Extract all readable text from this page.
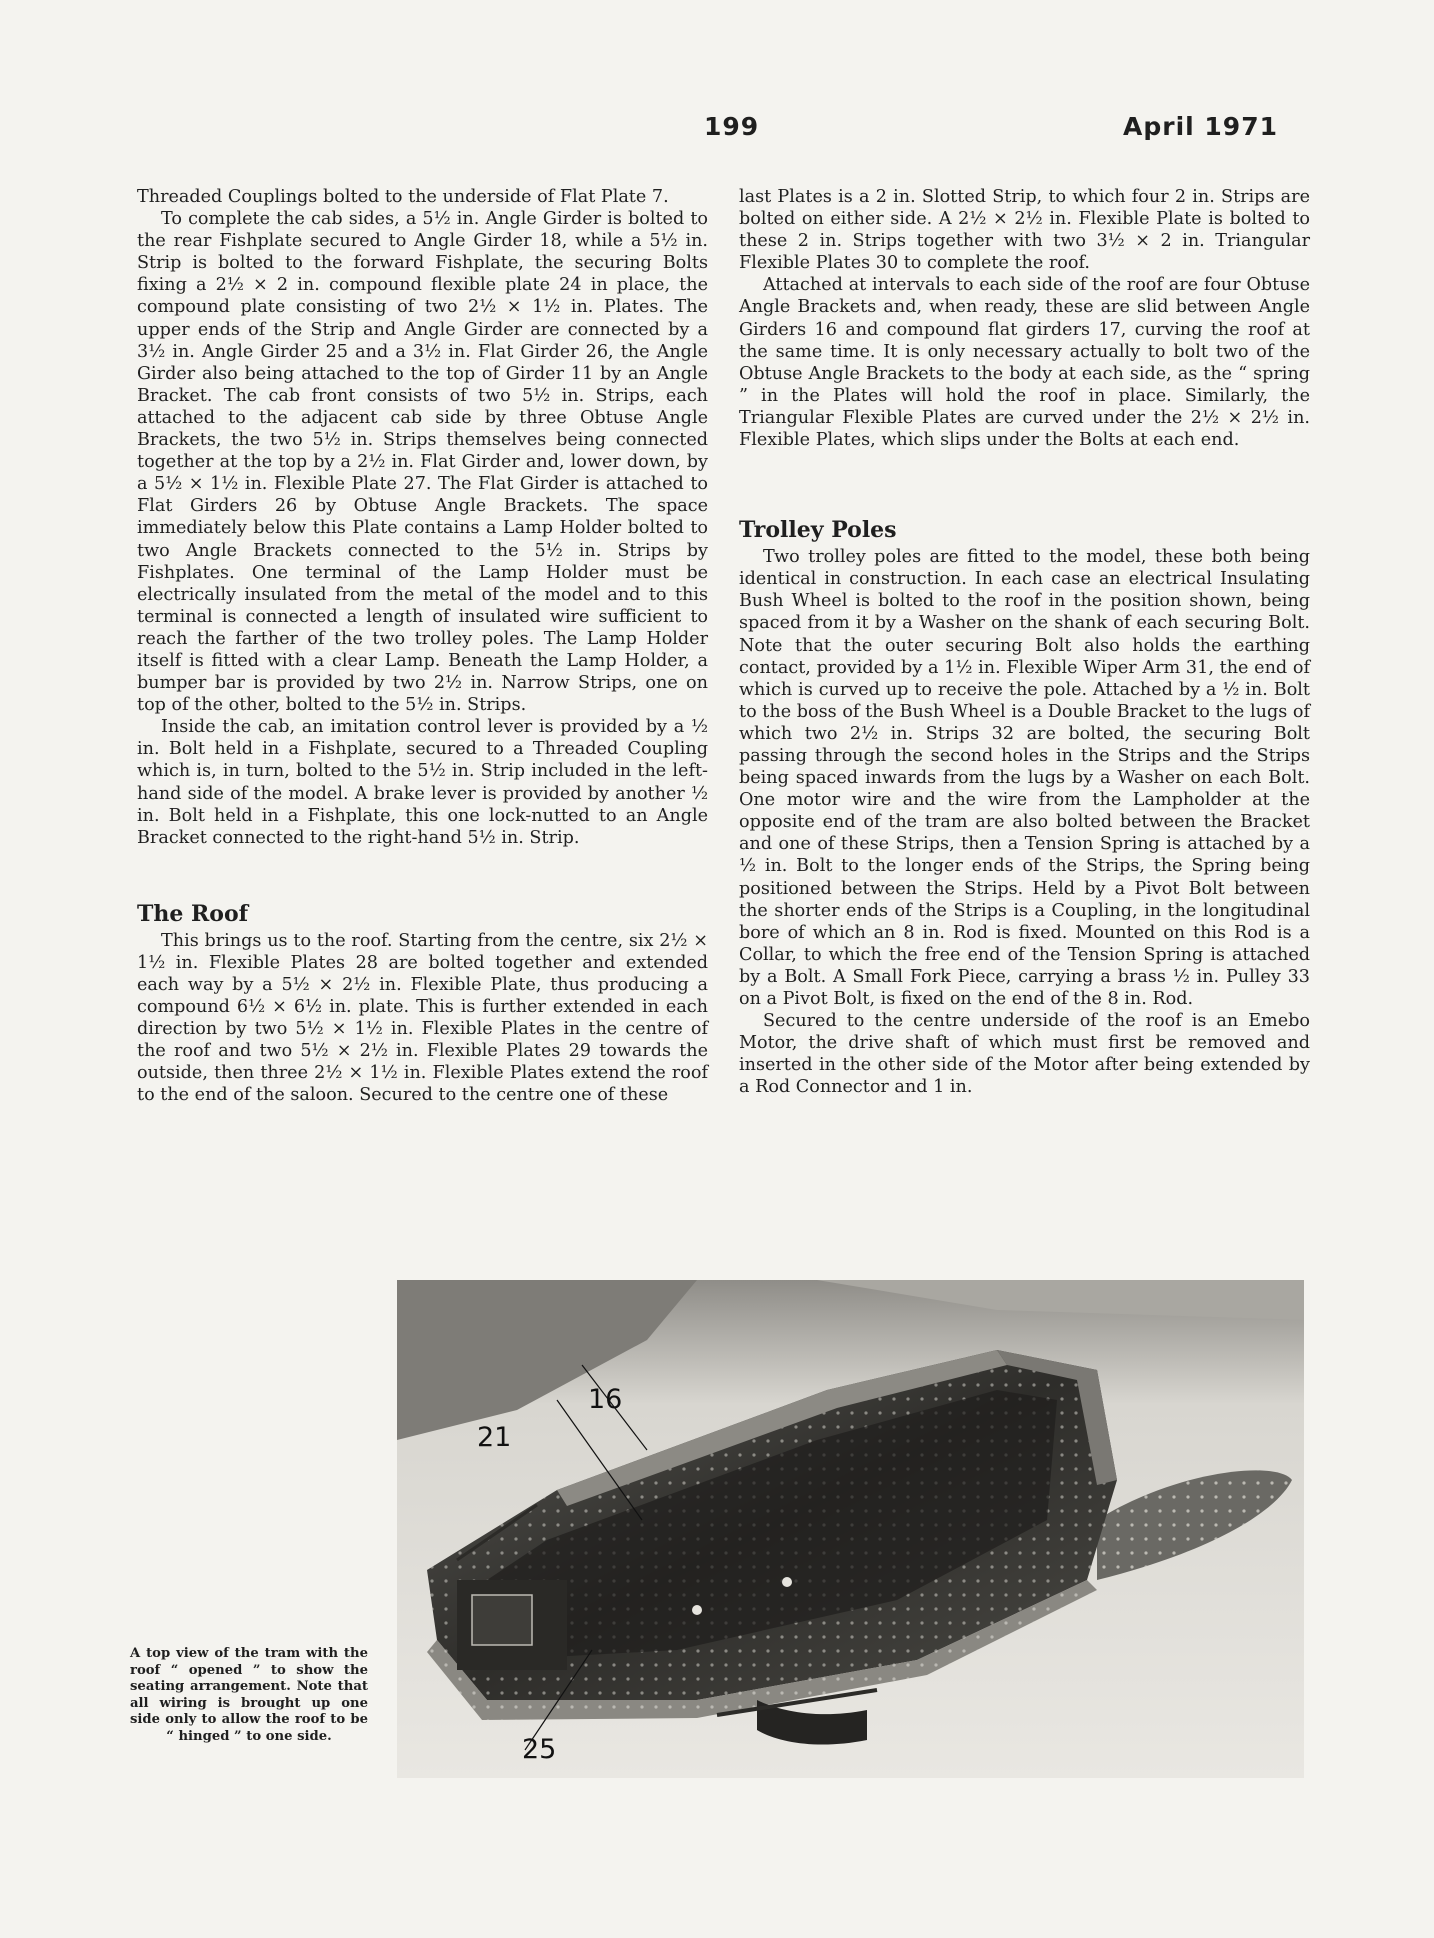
199	April 1971

Threaded Couplings bolted to the underside of Flat Plate 7.

To complete the cab sides, a 5½ in. Angle Girder is bolted to the rear Fishplate secured to Angle Girder 18, while a 5½ in. Strip is bolted to the forward Fishplate, the securing Bolts fixing a 2½ × 2 in. compound flexible plate 24 in place, the compound plate consisting of two 2½ × 1½ in. Plates. The upper ends of the Strip and Angle Girder are connected by a 3½ in. Angle Girder 25 and a 3½ in. Flat Girder 26, the Angle Girder also being attached to the top of Girder 11 by an Angle Bracket. The cab front consists of two 5½ in. Strips, each attached to the adjacent cab side by three Obtuse Angle Brackets, the two 5½ in. Strips themselves being connected together at the top by a 2½ in. Flat Girder and, lower down, by a 5½ × 1½ in. Flexible Plate 27. The Flat Girder is attached to Flat Girders 26 by Obtuse Angle Brackets. The space immediately below this Plate contains a Lamp Holder bolted to two Angle Brackets connected to the 5½ in. Strips by Fishplates. One terminal of the Lamp Holder must be electrically insulated from the metal of the model and to this terminal is connected a length of insulated wire sufficient to reach the farther of the two trolley poles. The Lamp Holder itself is fitted with a clear Lamp. Beneath the Lamp Holder, a bumper bar is provided by two 2½ in. Narrow Strips, one on top of the other, bolted to the 5½ in. Strips.

Inside the cab, an imitation control lever is provided by a ½ in. Bolt held in a Fishplate, secured to a Threaded Coupling which is, in turn, bolted to the 5½ in. Strip included in the left-hand side of the model. A brake lever is provided by another ½ in. Bolt held in a Fishplate, this one lock-nutted to an Angle Bracket connected to the right-hand 5½ in. Strip.

The Roof

This brings us to the roof. Starting from the centre, six 2½ × 1½ in. Flexible Plates 28 are bolted together and extended each way by a 5½ × 2½ in. Flexible Plate, thus producing a compound 6½ × 6½ in. plate. This is further extended in each direction by two 5½ × 1½ in. Flexible Plates in the centre of the roof and two 5½ × 2½ in. Flexible Plates 29 towards the outside, then three 2½ × 1½ in. Flexible Plates extend the roof to the end of the saloon. Secured to the centre one of these

last Plates is a 2 in. Slotted Strip, to which four 2 in. Strips are bolted on either side. A 2½ × 2½ in. Flexible Plate is bolted to these 2 in. Strips together with two 3½ × 2 in. Triangular Flexible Plates 30 to complete the roof.

Attached at intervals to each side of the roof are four Obtuse Angle Brackets and, when ready, these are slid between Angle Girders 16 and compound flat girders 17, curving the roof at the same time. It is only necessary actually to bolt two of the Obtuse Angle Brackets to the body at each side, as the “ spring ” in the Plates will hold the roof in place. Similarly, the Triangular Flexible Plates are curved under the 2½ × 2½ in. Flexible Plates, which slips under the Bolts at each end.

Trolley Poles

Two trolley poles are fitted to the model, these both being identical in construction. In each case an electrical Insulating Bush Wheel is bolted to the roof in the position shown, being spaced from it by a Washer on the shank of each securing Bolt. Note that the outer securing Bolt also holds the earthing contact, provided by a 1½ in. Flexible Wiper Arm 31, the end of which is curved up to receive the pole. Attached by a ½ in. Bolt to the boss of the Bush Wheel is a Double Bracket to the lugs of which two 2½ in. Strips 32 are bolted, the securing Bolt passing through the second holes in the Strips and the Strips being spaced inwards from the lugs by a Washer on each Bolt. One motor wire and the wire from the Lampholder at the opposite end of the tram are also bolted between the Bracket and one of these Strips, then a Tension Spring is attached by a ½ in. Bolt to the longer ends of the Strips, the Spring being positioned between the Strips. Held by a Pivot Bolt between the shorter ends of the Strips is a Coupling, in the longitudinal bore of which an 8 in. Rod is fixed. Mounted on this Rod is a Collar, to which the free end of the Tension Spring is attached by a Bolt. A Small Fork Piece, carrying a brass ½ in. Pulley 33 on a Pivot Bolt, is fixed on the end of the 8 in. Rod.

Secured to the centre underside of the roof is an Emebo Motor, the drive shaft of which must first be removed and inserted in the other side of the Motor after being extended by a Rod Connector and 1 in.

16
21
25
A top view of the tram with the roof “ opened ” to show the seating arrangement. Note that all wiring is brought up one side only to allow the roof to be “ hinged ” to one side.
